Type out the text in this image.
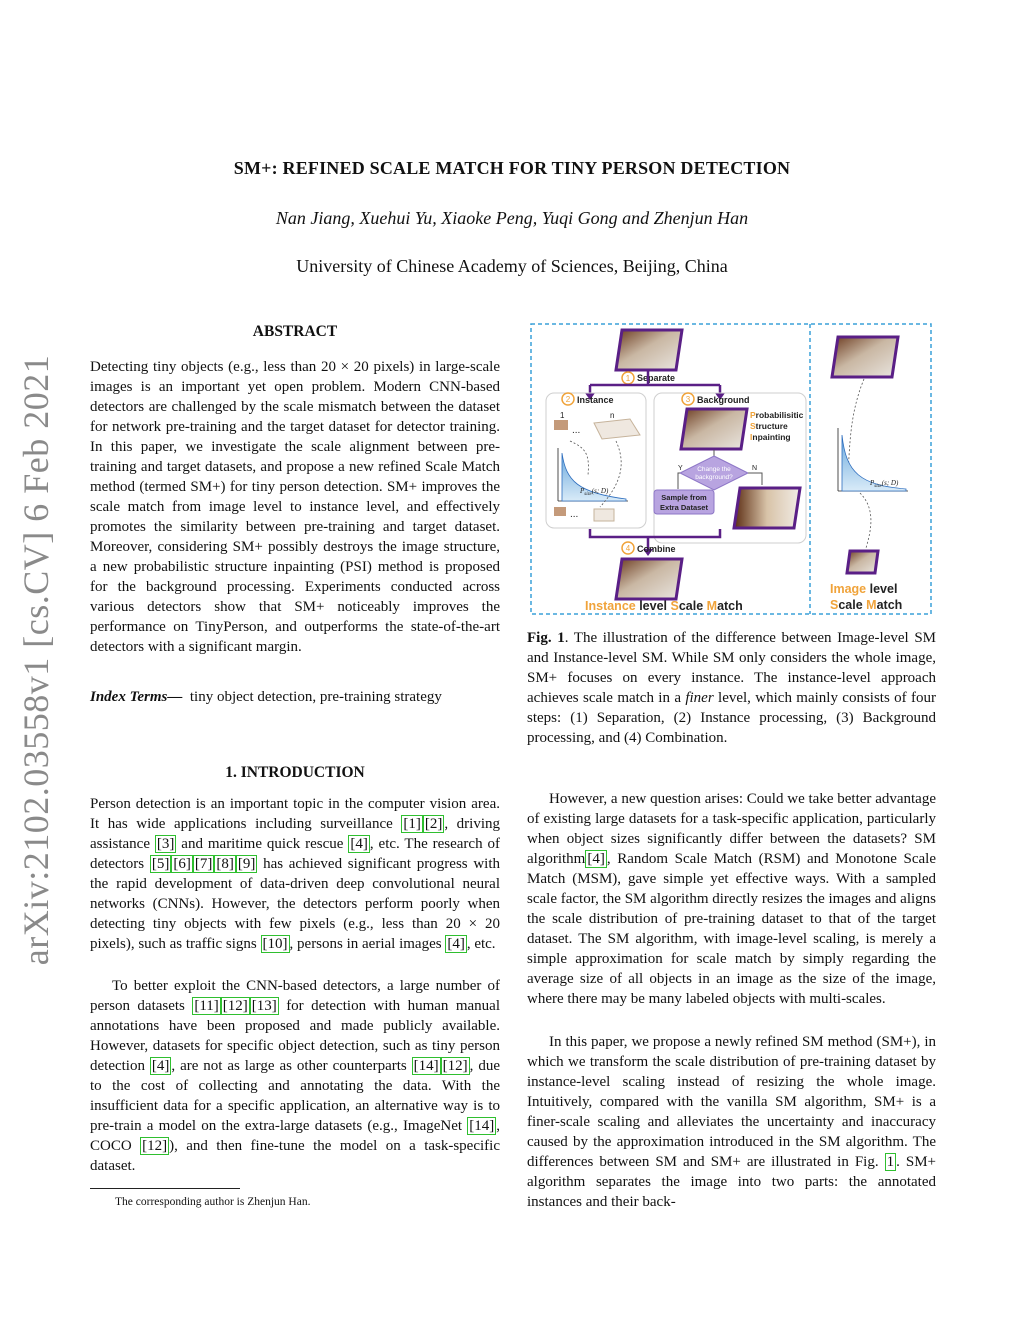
arXiv:2102.03558v1 [cs.CV] 6 Feb 2021
SM+: REFINED SCALE MATCH FOR TINY PERSON DETECTION
Nan Jiang, Xuehui Yu, Xiaoke Peng, Yuqi Gong and Zhenjun Han
University of Chinese Academy of Sciences, Beijing, China
ABSTRACT

Detecting tiny objects (e.g., less than 20 × 20 pixels) in large-scale images is an important yet open problem. Modern CNN-based detectors are challenged by the scale mismatch between the dataset for network pre-training and the target dataset for detector training. In this paper, we investigate the scale alignment between pre-training and target datasets, and propose a new refined Scale Match method (termed SM+) for tiny person detection. SM+ improves the scale match from image level to instance level, and effectively promotes the similarity between pre-training and target dataset. Moreover, considering SM+ possibly destroys the image structure, a new probabilistic structure inpainting (PSI) method is proposed for the background processing. Experiments conducted across various detectors show that SM+ noticeably improves the performance on TinyPerson, and outperforms the state-of-the-art detectors with a significant margin.

Index Terms— tiny object detection, pre-training strategy

1. INTRODUCTION

Person detection is an important topic in the computer vision area. It has wide applications including surveillance [1] [2] , driving assistance [3] and maritime quick rescue [4] , etc. The research of detectors [5] [6] [7] [8] [9] has achieved significant progress with the rapid development of data-driven deep convolutional neural networks (CNNs). However, the detectors perform poorly when detecting tiny objects with few pixels (e.g., less than 20 × 20 pixels), such as traffic signs [10] , persons in aerial images [4] , etc.

To better exploit the CNN-based detectors, a large number of person datasets [11] [12] [13] for detection with human manual annotations have been proposed and made publicly available. However, datasets for specific object detection, such as tiny person detection [4] , are not as large as other counterparts [14] [12] , due to the cost of collecting and annotating the data. With the insufficient data for a specific application, an alternative way is to pre-train a model on the extra-large datasets (e.g., ImageNet [14] , COCO [12] ), and then fine-tune the model on a task-specific dataset.

The corresponding author is Zhenjun Han.
1 Separate
2 Instance
1	n
...
$P_{size}(s$; D)
...
3 Background
Probabilisitic
Structure
Inpainting
Change the
background?
Y	N
Sample from
Extra Dataset
4 Combine
Instance level Scale Match
$P_{size}(s$; D)
Image level
Scale Match
Fig. 1. The illustration of the difference between Image-level SM and Instance-level SM. While SM only considers the whole image, SM+ focuses on every instance. The instance-level approach achieves scale match in a finer level, which mainly consists of four steps: (1) Separation, (2) Instance processing, (3) Background processing, and (4) Combination.

However, a new question arises: Could we take better advantage of existing large datasets for a task-specific application, particularly when object sizes significantly differ between the datasets? SM algorithm [4] , Random Scale Match (RSM) and Monotone Scale Match (MSM), gave simple yet effective ways. With a sampled scale factor, the SM algorithm directly resizes the images and aligns the scale distribution of pre-training dataset to that of the target dataset. The SM algorithm, with image-level scaling, is merely a simple approximation for scale match by simply regarding the average size of all objects in an image as the size of the image, where there may be many labeled objects with multi-scales.

In this paper, we propose a newly refined SM method (SM+), in which we transform the scale distribution of pre-training dataset by instance-level scaling instead of resizing the whole image. Intuitively, compared with the vanilla SM algorithm, SM+ is a finer-scale scaling and alleviates the uncertainty and inaccuracy caused by the approximation introduced in the SM algorithm. The differences between SM and SM+ are illustrated in Fig. 1 . SM+ algorithm separates the image into two parts: the annotated instances and their back-
